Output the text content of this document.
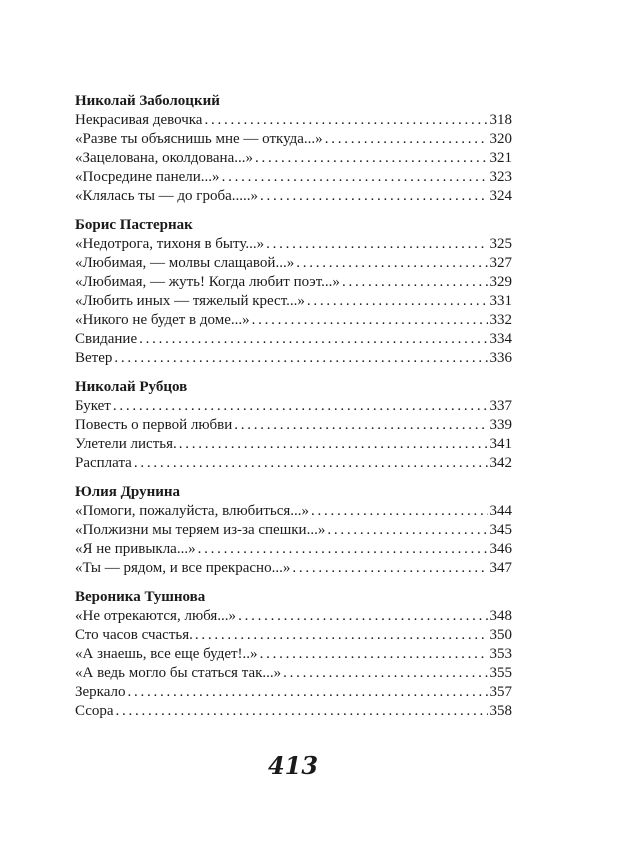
Николай Заболоцкий
Некрасивая девочка . . .	318
«Разве ты объяснишь мне — откуда...» . . .	320
«Зацелована, околдована...» . . .	321
«Посредине панели...» . . .	323
«Клялась ты — до гроба.....» . . .	324
Борис Пастернак
«Недотрога, тихоня в быту...» . . .	325
«Любимая, — молвы слащавой...» . . .	327
«Любимая, — жуть! Когда любит поэт...» . . .	329
«Любить иных — тяжелый крест...» . . .	331
«Никого не будет в доме...» . . .	332
Свидание . . .	334
Ветер . . .	336
Николай Рубцов
Букет . . .	337
Повесть о первой любви . . .	339
Улетели листья. . . .	341
Расплата . . .	342
Юлия Друнина
«Помоги, пожалуйста, влюбиться...» . . .	344
«Полжизни мы теряем из-за спешки...» . . .	345
«Я не привыкла...» . . .	346
«Ты — рядом, и все прекрасно...» . . .	347
Вероника Тушнова
«Не отрекаются, любя...» . . .	348
Сто часов счастья. . . .	350
«А знаешь, все еще будет!..» . . .	353
«А ведь могло бы статься так...» . . .	355
Зеркало . . .	357
Ссора . . .	358
413
